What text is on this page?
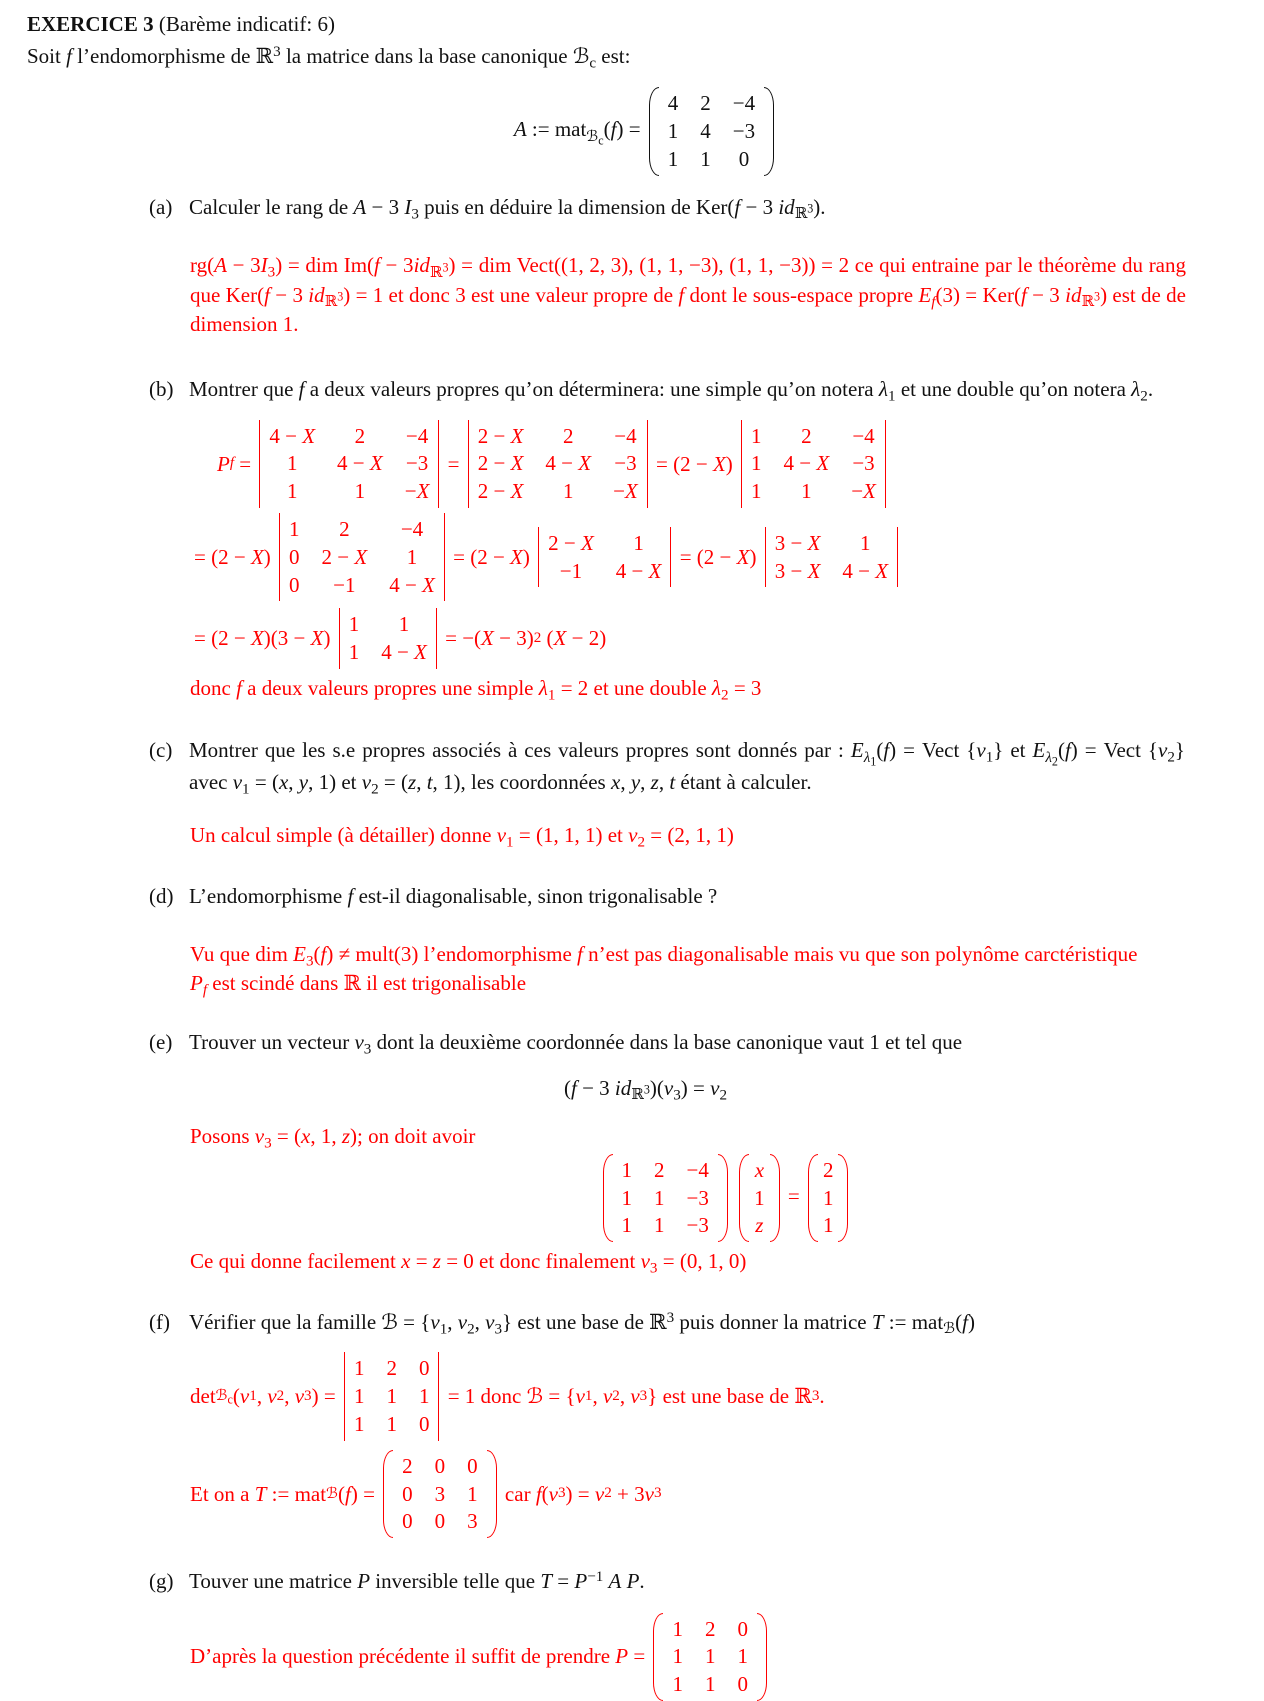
EXERCICE 3 (Barème indicatif: 6)

Soit f l’endomorphisme de ℝ$^3$ la matrice dans la base canonique ℬ$_c$ est:

A := mat$_{ℬ_c}$(f) =
4 2 −4
1 4 −3
1 1 0
(a) Calculer le rang de A − 3 $I_3$ puis en déduire la dimension de Ker(f − 3 $id_{ℝ^3}$).

$rg(A - 3I_3)$ = dim $Im(f - 3id_{ℝ^3})$ = dim Vect((1, 2, 3), (1, 1, −3), (1, 1, −3)) = 2 ce qui entraine par le théorème du rang que Ker(f − 3 $id_{ℝ^3}) = 1$ et donc 3 est une valeur propre de f dont le sous-espace propre $E_f(3) = Ker(f - 3$ $id_{ℝ^3}$) est de de dimension 1.

(b) Montrer que f a deux valeurs propres qu’on déterminera: une simple qu’on notera $\lambda_1$ et une double qu’on notera $\lambda_2$.
P f =
4 − X 2 −4
1 4 − X −3
1	1 −X
=
2 − X 2 −4
2 − X 4 − X −3
2 − X 1 −X
= (2 − X )
1 2 −4
1 4 − X −3
1 1 −X
= (2 − X )
1 2 −4
0 2 − X 1
0 −1 4 − X
= (2 − X )
2 − X 1
−1 4 − X
= (2 − X )
3 − X 1
3 − X 4 − X
= (2 − X )(3 − X )
1 1
1 4 − X
= −( X − 3) 2 ( X − 2)

donc f a deux valeurs propres une simple $\lambda_1 = 2$ et une double $\lambda_2 = 3$

(c) Montrer que les s.e propres associés à ces valeurs propres sont donnés par : $E_{\lambda_1}(f)$ = Vect $\{v_1\}$ et $E_{\lambda_2}(f)$ = Vect $\{v_2\}$ avec $v_1 = (x$, y, 1) et $v_2 = (z$, t, 1), les coordonnées x, y, z, t étant à calculer.

Un calcul simple (à détailler) donne $v_1 = (1$, 1, 1) et $v_2 = (2$, 1, 1)

(d) L’endomorphisme f est-il diagonalisable, sinon trigonalisable ?

Vu que dim $E_3(f)$ ≠ mult(3) l’endomorphisme f n’est pas diagonalisable mais vu que son polynôme carctéristique

$P_f$ est scindé dans ℝ il est trigonalisable

(e) Trouver un vecteur $v_3$ dont la deuxième coordonnée dans la base canonique vaut 1 et tel que
(f − 3 $id_{ℝ^3})(v_3) = v_2$

Posons $v_3 = (x$, 1, z); on doit avoir

1 2 −4
1 1 −3
1 1 −3

x
1
z
=
2
1
1

Ce qui donne facilement x = z = 0 et donc finalement $v_3 = (0$, 1, 0)

(f) Vérifier que la famille ℬ = {$v_1$, $v_2$, $v_3$} est une base de ℝ$^3$ puis donner la matrice T := mat$_ℬ$(f)
det ℬ$_c$ ( v 1 , v 2 , v 3 ) =
1 2 0
1 1 1
1 1 0
= 1 donc ℬ = { v 1 , v 2 , v 3 } est une base de ℝ 3 .
Et on a T := mat ℬ ( f ) =
2 0 0
0 3 1
0 0 3
car f ( v 3 ) = v 2 + 3 v 3
(g) Touver une matrice P inversible telle que $T = P^{-1}$ A P.
D’après la question précédente il suffit de prendre P =
1 2 0
1 1 1
1 1 0
